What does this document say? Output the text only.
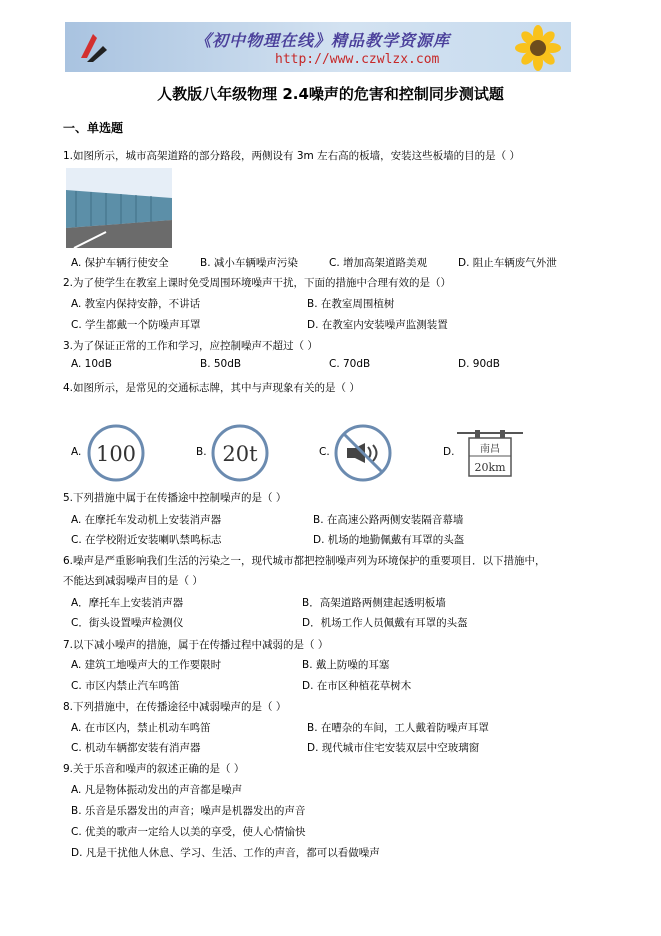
《初中物理在线》精品教学资源库
http://www.czwlzx.com
人教版八年级物理 2.4噪声的危害和控制同步测试题
一、单选题
1.如图所示，城市高架道路的部分路段，两侧设有 3m 左右高的板墙，安装这些板墙的目的是（ ）
A. 保护车辆行使安全	B. 减小车辆噪声污染	C. 增加高架道路美观	D. 阻止车辆废气外泄
2.为了使学生在教室上课时免受周围环境噪声干扰，下面的措施中合理有效的是（）
A. 教室内保持安静，不讲话	B. 在教室周围植树
C. 学生都戴一个防噪声耳罩	D. 在教室内安装噪声监测装置
3.为了保证正常的工作和学习，应控制噪声不超过（ ）
A. 10dB	B. 50dB	C. 70dB	D. 90dB
4.如图所示，是常见的交通标志牌，其中与声现象有关的是（ ）
A. 100	B. 20t	C.	D.	南昌
20km
5.下列措施中属于在传播途中控制噪声的是（ ）
A. 在摩托车发动机上安装消声器	B. 在高速公路两侧安装隔音幕墙
C. 在学校附近安装喇叭禁鸣标志	D. 机场的地勤佩戴有耳罩的头盔
6.噪声是严重影响我们生活的污染之一，现代城市都把控制噪声列为环境保护的重要项目．以下措施中，
不能达到减弱噪声目的是（ ）
A．摩托车上安装消声器	B．高架道路两侧建起透明板墙
C．街头设置噪声检测仪	D．机场工作人员佩戴有耳罩的头盔
7.以下减小噪声的措施，属于在传播过程中减弱的是（ ）
A. 建筑工地噪声大的工作要限时	B. 戴上防噪的耳塞
C. 市区内禁止汽车鸣笛	D. 在市区种植花草树木
8.下列措施中，在传播途径中减弱噪声的是（ ）
A. 在市区内，禁止机动车鸣笛	B. 在嘈杂的车间，工人戴着防噪声耳罩
C. 机动车辆都安装有消声器	D. 现代城市住宅安装双层中空玻璃窗
9.关于乐音和噪声的叙述正确的是（ ）
A. 凡是物体振动发出的声音都是噪声
B. 乐音是乐器发出的声音；噪声是机器发出的声音
C. 优美的歌声一定给人以美的享受，使人心情愉快
D. 凡是干扰他人休息、学习、生活、工作的声音，都可以看做噪声
